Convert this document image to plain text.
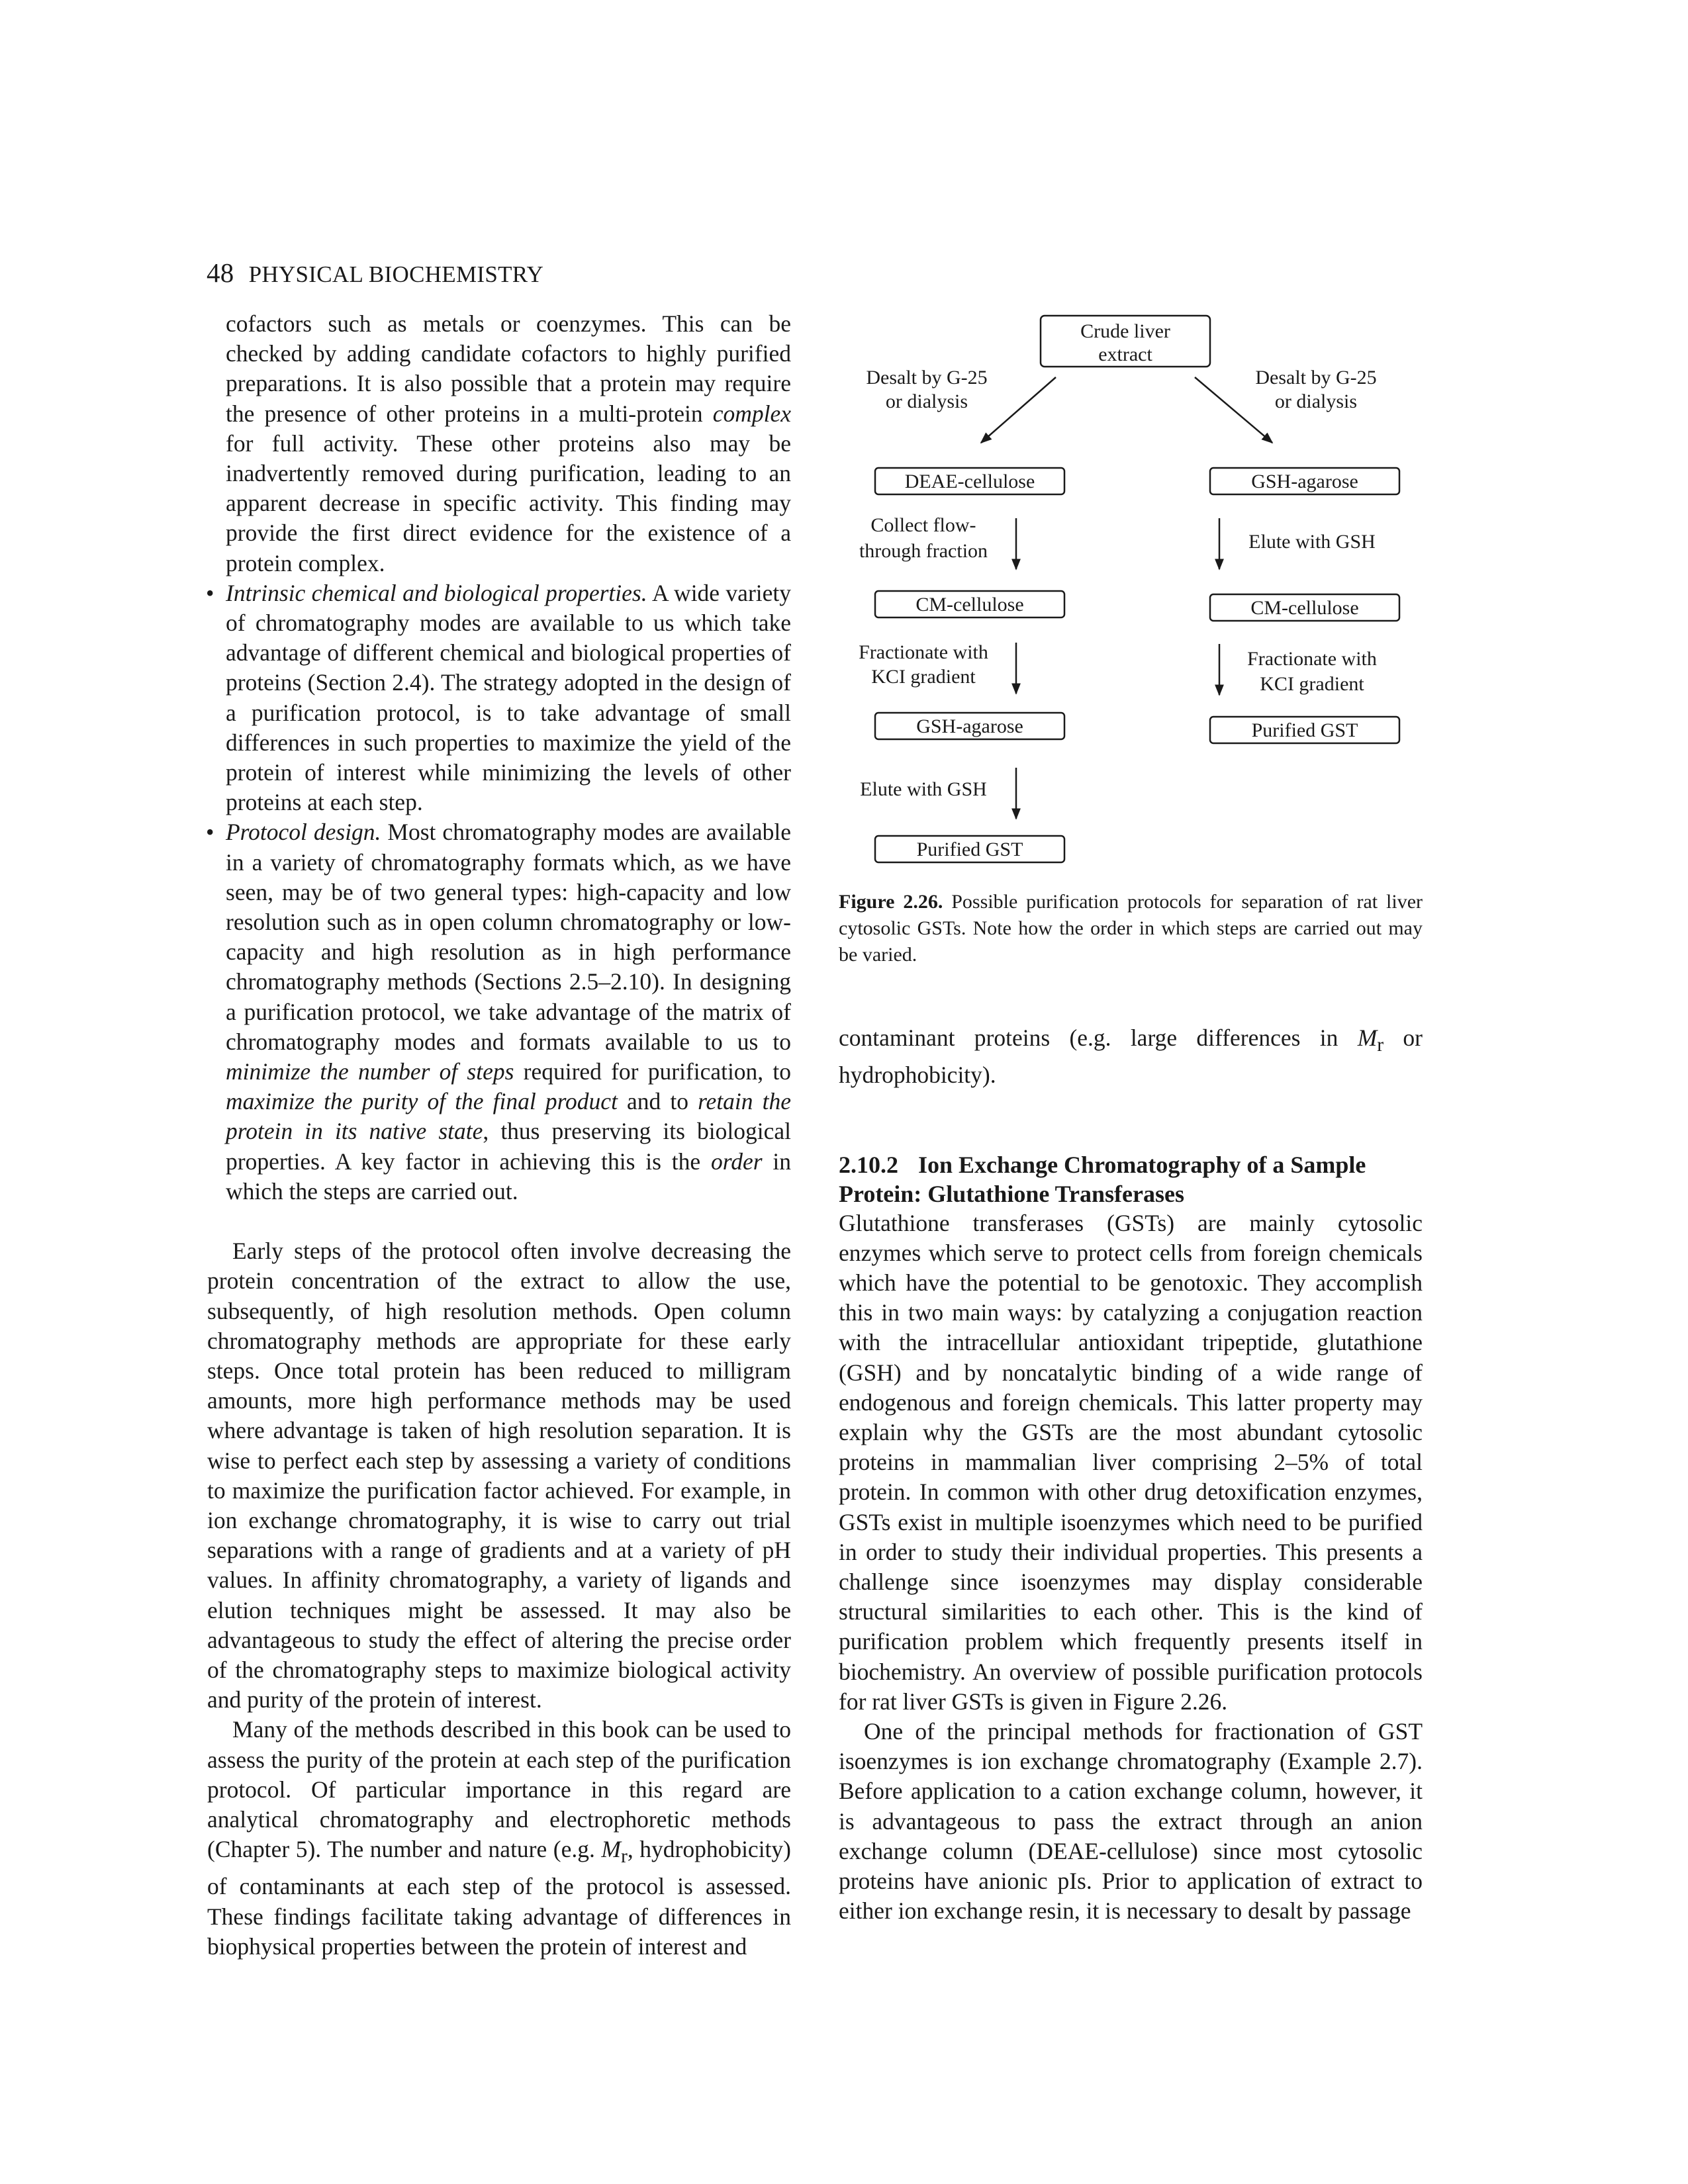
48 PHYSICAL BIOCHEMISTRY
cofactors such as metals or coenzymes. This can be checked by adding candidate cofactors to highly purified preparations. It is also possible that a protein may require the presence of other proteins in a multi-protein complex for full activity. These other proteins also may be inadvertently removed during purification, leading to an apparent decrease in specific activity. This finding may provide the first direct evidence for the existence of a protein complex.
• Intrinsic chemical and biological properties. A wide variety of chromatography modes are available to us which take advantage of different chemical and biological properties of proteins (Section 2.4). The strategy adopted in the design of a purification protocol, is to take advantage of small differences in such properties to maximize the yield of the protein of interest while minimizing the levels of other proteins at each step.
• Protocol design. Most chromatography modes are available in a variety of chromatography formats which, as we have seen, may be of two general types: high-capacity and low resolution such as in open column chromatography or low-capacity and high resolution as in high performance chromatography methods (Sections 2.5–2.10). In designing a purification protocol, we take advantage of the matrix of chromatography modes and formats available to us to minimize the number of steps required for purification, to maximize the purity of the final product and to retain the protein in its native state, thus preserving its biological properties. A key factor in achieving this is the order in which the steps are carried out.

Early steps of the protocol often involve decreasing the protein concentration of the extract to allow the use, subsequently, of high resolution methods. Open column chromatography methods are appropriate for these early steps. Once total protein has been reduced to milligram amounts, more high performance methods may be used where advantage is taken of high resolution separation. It is wise to perfect each step by assessing a variety of conditions to maximize the purification factor achieved. For example, in ion exchange chromatography, it is wise to carry out trial separations with a range of gradients and at a variety of pH values. In affinity chromatography, a variety of ligands and elution techniques might be assessed. It may also be advantageous to study the effect of altering the precise order of the chromatography steps to maximize biological activity and purity of the protein of interest.

Many of the methods described in this book can be used to assess the purity of the protein at each step of the purification protocol. Of particular importance in this regard are analytical chromatography and electrophoretic methods (Chapter 5). The number and nature (e.g. $M_r$, hydrophobicity) of contaminants at each step of the protocol is assessed. These findings facilitate taking advantage of differences in biophysical properties between the protein of interest and

Crude liver
extract
Desalt by G-25
or dialysis
Desalt by G-25
or dialysis
DEAE-cellulose
Collect flow-
through fraction
CM-cellulose
Fractionate with
KCI gradient
GSH-agarose
Elute with GSH
Purified GST
GSH-agarose
Elute with GSH
CM-cellulose
Fractionate with
KCI gradient
Purified GST
Figure 2.26. Possible purification protocols for separation of rat liver cytosolic GSTs. Note how the order in which steps are carried out may be varied.

contaminant proteins (e.g. large differences in $M_r$ or hydrophobicity).

2.10.2 Ion Exchange Chromatography of a Sample Protein: Glutathione Transferases

Glutathione transferases (GSTs) are mainly cytosolic enzymes which serve to protect cells from foreign chemicals which have the potential to be genotoxic. They accomplish this in two main ways: by catalyzing a conjugation reaction with the intracellular antioxidant tripeptide, glutathione (GSH) and by noncatalytic binding of a wide range of endogenous and foreign chemicals. This latter property may explain why the GSTs are the most abundant cytosolic proteins in mammalian liver comprising 2–5% of total protein. In common with other drug detoxification enzymes, GSTs exist in multiple isoenzymes which need to be purified in order to study their individual properties. This presents a challenge since isoenzymes may display considerable structural similarities to each other. This is the kind of purification problem which frequently presents itself in biochemistry. An overview of possible purification protocols for rat liver GSTs is given in Figure 2.26.

One of the principal methods for fractionation of GST isoenzymes is ion exchange chromatography (Example 2.7). Before application to a cation exchange column, however, it is advantageous to pass the extract through an anion exchange column (DEAE-cellulose) since most cytosolic proteins have anionic pIs. Prior to application of extract to either ion exchange resin, it is necessary to desalt by passage
